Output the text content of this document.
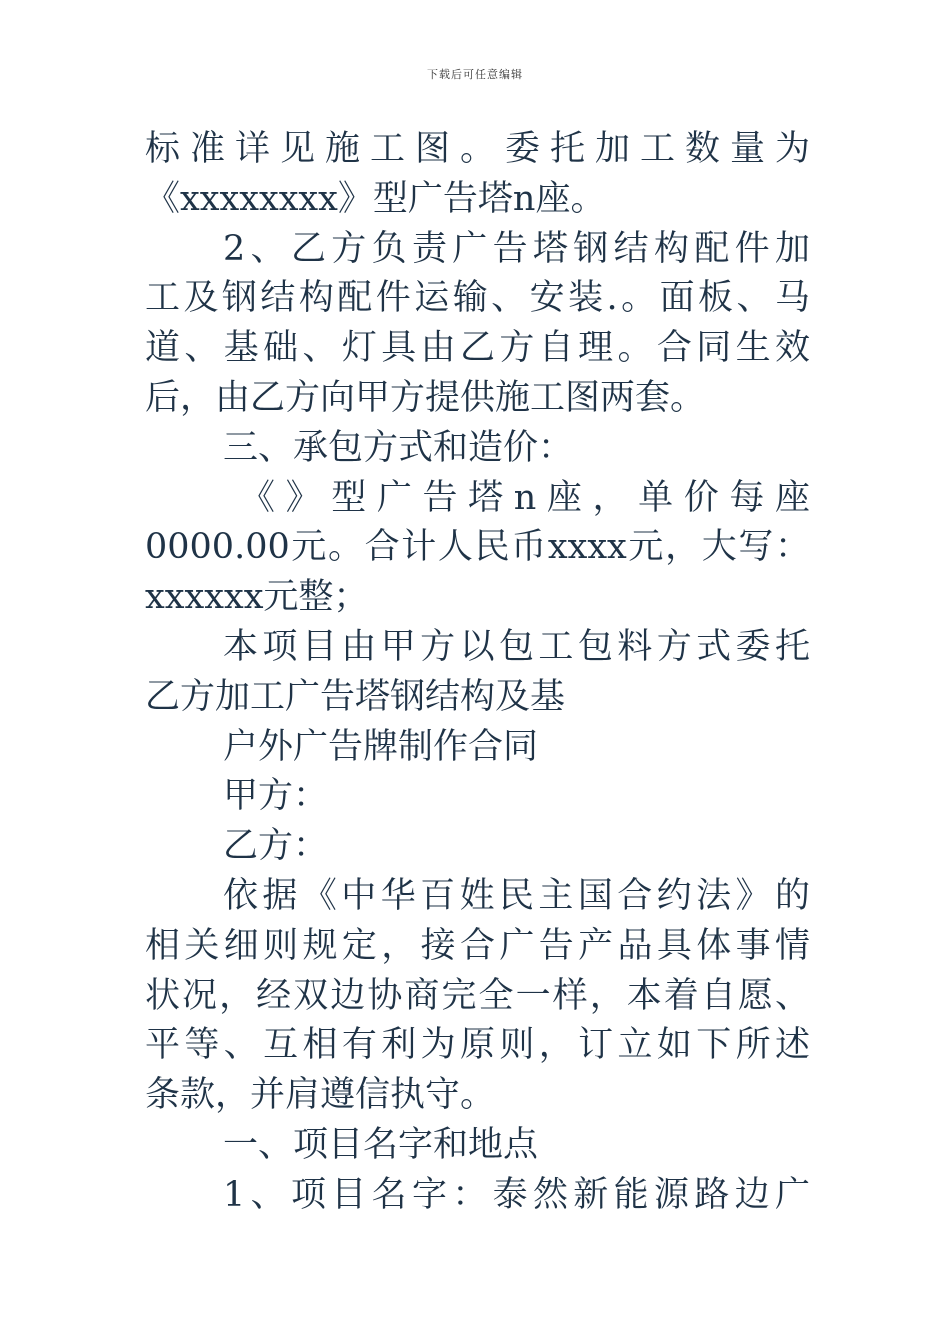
下载后可任意编辑
标准详见施工图。委托加工数量为
《xxxxxxxx》型广告塔n座。
2、乙方负责广告塔钢结构配件加
工及钢结构配件运输、安装.。面板、马
道、基础、灯具由乙方自理。合同生效
后，由乙方向甲方提供施工图两套。
三、承包方式和造价：
《》型广告塔n座，单价每座
0000.00元。合计人民币xxxx元，大写：
xxxxxx元整；
本项目由甲方以包工包料方式委托
乙方加工广告塔钢结构及基
户外广告牌制作合同
甲方：
乙方：
依据《中华百姓民主国合约法》的
相关细则规定，接合广告产品具体事情
状况，经双边协商完全一样，本着自愿、
平等、互相有利为原则，订立如下所述
条款，并肩遵信执守。
一、项目名字和地点
1、项目名字：泰然新能源路边广
